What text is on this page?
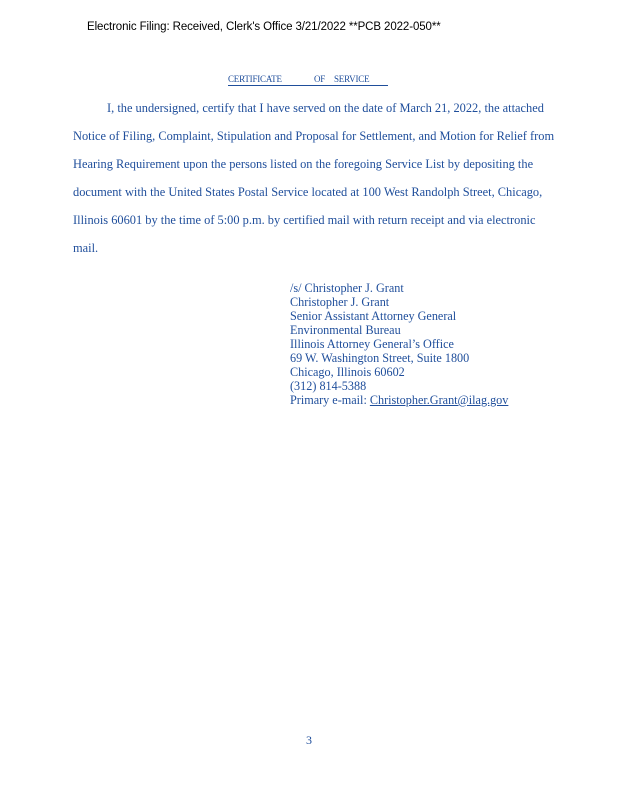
Electronic Filing: Received, Clerk's Office 3/21/2022 **PCB 2022-050**
CERTIFICATE	OF SERVICE
I, the undersigned, certify that I have served on the date of March 21, 2022, the attached
Notice of Filing, Complaint, Stipulation and Proposal for Settlement, and Motion for Relief from
Hearing Requirement upon the persons listed on the foregoing Service List by depositing the
document with the United States Postal Service located at 100 West Randolph Street, Chicago,
Illinois 60601 by the time of 5:00 p.m. by certified mail with return receipt and via electronic
mail.
/s/ Christopher J. Grant
Christopher J. Grant
Senior Assistant Attorney General
Environmental Bureau
Illinois Attorney General’s Office
69 W. Washington Street, Suite 1800
Chicago, Illinois 60602
(312) 814-5388
Primary e-mail: Christopher.Grant@ilag.gov
3
